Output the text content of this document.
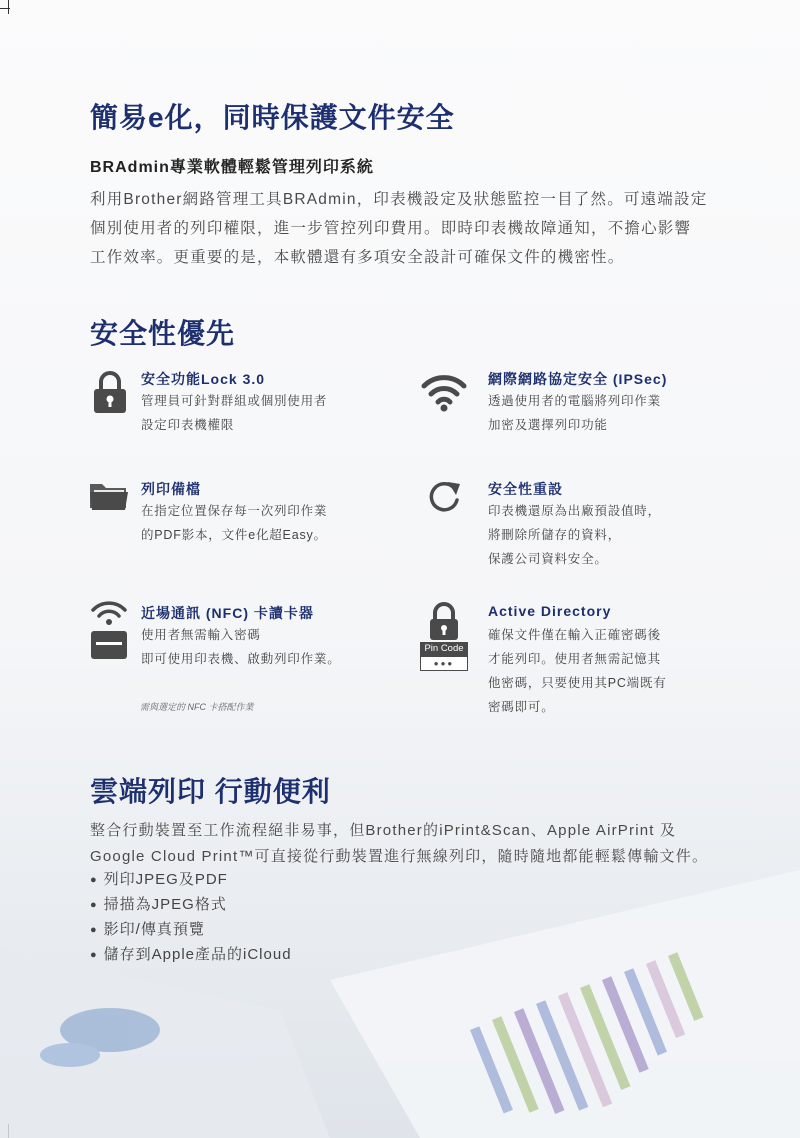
簡易e化，同時保護文件安全
BRAdmin專業軟體輕鬆管理列印系統
利用Brother網路管理工具BRAdmin，印表機設定及狀態監控一目了然。可遠端設定
個別使用者的列印權限，進一步管控列印費用。即時印表機故障通知，不擔心影響
工作效率。更重要的是，本軟體還有多項安全設計可確保文件的機密性。
安全性優先
安全功能Lock 3.0
管理員可針對群組或個別使用者
設定印表機權限
網際網路協定安全 (IPSec)
透過使用者的電腦將列印作業
加密及選擇列印功能
列印備檔
在指定位置保存每一次列印作業
的PDF影本，文件e化超Easy。
安全性重設
印表機還原為出廠預設值時，
將刪除所儲存的資料，
保護公司資料安全。
近場通訊 (NFC) 卡讀卡器
使用者無需輸入密碼
即可使用印表機、啟動列印作業。
需與選定的 NFC 卡搭配作業
Pin Code
●●●
Active Directory
確保文件僅在輸入正確密碼後
才能列印。使用者無需記憶其
他密碼，只要使用其PC端既有
密碼即可。
雲端列印 行動便利
整合行動裝置至工作流程絕非易事，但Brother的iPrint&Scan、Apple AirPrint 及
Google Cloud Print™可直接從行動裝置進行無線列印，隨時隨地都能輕鬆傳輸文件。
● 列印JPEG及PDF
● 掃描為JPEG格式
● 影印/傳真預覽
● 儲存到Apple產品的iCloud
